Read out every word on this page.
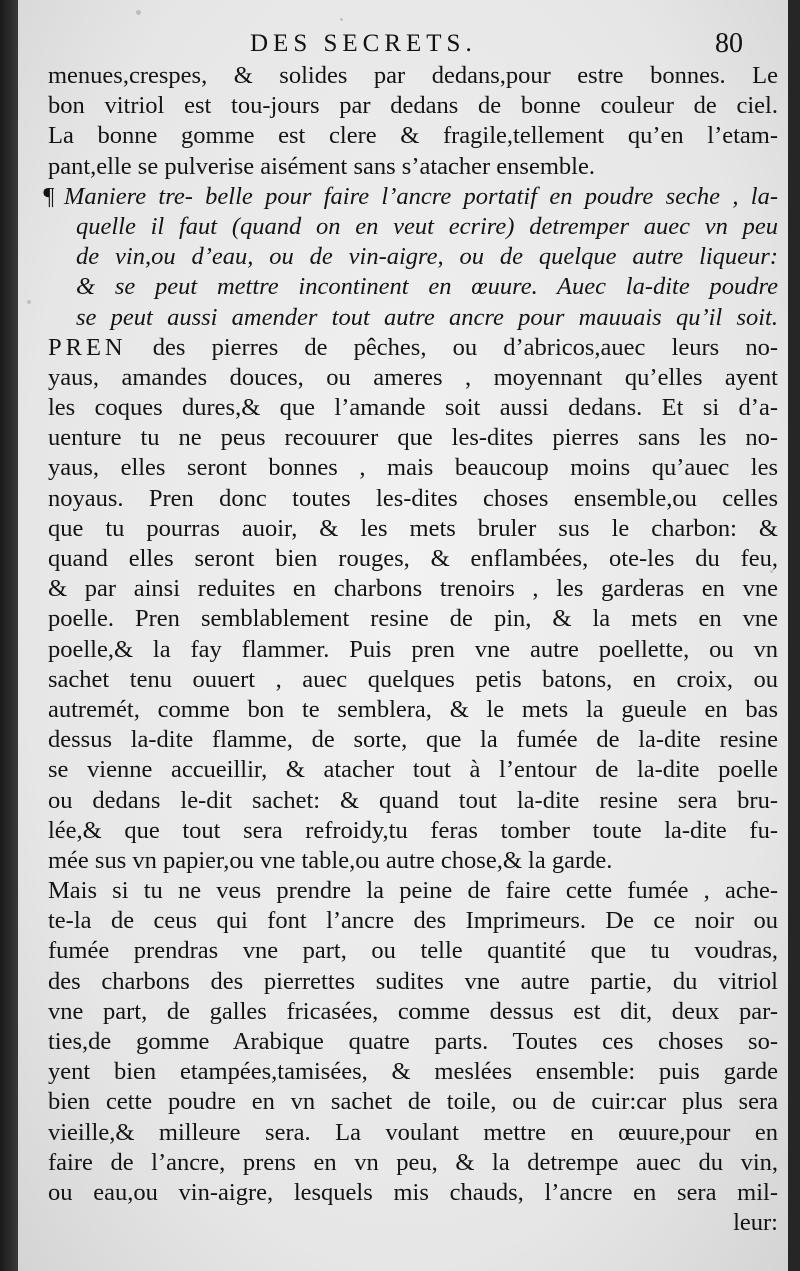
DES SECRETS.	80
menues,crespes, & solides par dedans,pour estre bonnes. Le
bon vitriol est tou-jours par dedans de bonne couleur de ciel.
La bonne gomme est clere & fragile,tellement qu’en l’etam-
pant,elle se pulverise aisément sans s’atacher ensemble.
¶ Maniere tre- belle pour faire l’ancre portatif en poudre seche , la-
quelle il faut (quand on en veut ecrire) detremper auec vn peu
de vin,ou d’eau, ou de vin-aigre, ou de quelque autre liqueur:
& se peut mettre incontinent en œuure. Auec la-dite poudre
se peut aussi amender tout autre ancre pour mauuais qu’il soit.
PREN des pierres de pêches, ou d’abricos,auec leurs no-
yaus, amandes douces, ou ameres , moyennant qu’elles ayent
les coques dures,& que l’amande soit aussi dedans. Et si d’a-
uenture tu ne peus recouurer que les-dites pierres sans les no-
yaus, elles seront bonnes , mais beaucoup moins qu’auec les
noyaus. Pren donc toutes les-dites choses ensemble,ou celles
que tu pourras auoir, & les mets bruler sus le charbon: &
quand elles seront bien rouges, & enflambées, ote-les du feu,
& par ainsi reduites en charbons trenoirs , les garderas en vne
poelle. Pren semblablement resine de pin, & la mets en vne
poelle,& la fay flammer. Puis pren vne autre poellette, ou vn
sachet tenu ouuert , auec quelques petis batons, en croix, ou
autremét, comme bon te semblera, & le mets la gueule en bas
dessus la-dite flamme, de sorte, que la fumée de la-dite resine
se vienne accueillir, & atacher tout à l’entour de la-dite poelle
ou dedans le-dit sachet: & quand tout la-dite resine sera bru-
lée,& que tout sera refroidy,tu feras tomber toute la-dite fu-
mée sus vn papier,ou vne table,ou autre chose,& la garde.
Mais si tu ne veus prendre la peine de faire cette fumée , ache-
te-la de ceus qui font l’ancre des Imprimeurs. De ce noir ou
fumée prendras vne part, ou telle quantité que tu voudras,
des charbons des pierrettes sudites vne autre partie, du vitriol
vne part, de galles fricasées, comme dessus est dit, deux par-
ties,de gomme Arabique quatre parts. Toutes ces choses so-
yent bien etampées,tamisées, & meslées ensemble: puis garde
bien cette poudre en vn sachet de toile, ou de cuir:car plus sera
vieille,& milleure sera. La voulant mettre en œuure,pour en
faire de l’ancre, prens en vn peu, & la detrempe auec du vin,
ou eau,ou vin-aigre, lesquels mis chauds, l’ancre en sera mil-
leur:
